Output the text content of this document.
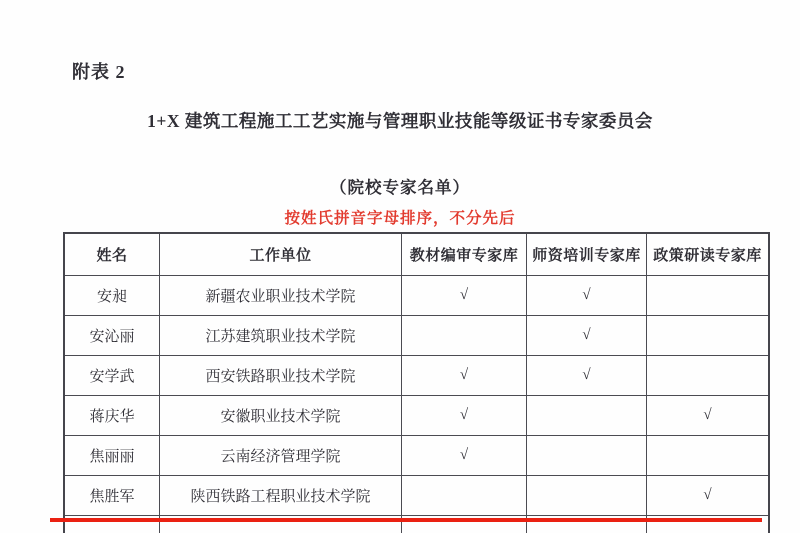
附表 2
1+X 建筑工程施工工艺实施与管理职业技能等级证书专家委员会
（院校专家名单）
按姓氏拼音字母排序，不分先后
姓名	工作单位	教材编审专家库	师资培训专家库	政策研读专家库
安昶	新疆农业职业技术学院	√	√	
安沁丽	江苏建筑职业技术学院		√	
安学武	西安铁路职业技术学院	√	√	
蒋庆华	安徽职业技术学院	√		√
焦丽丽	云南经济管理学院	√		
焦胜军	陕西铁路工程职业技术学院			√
